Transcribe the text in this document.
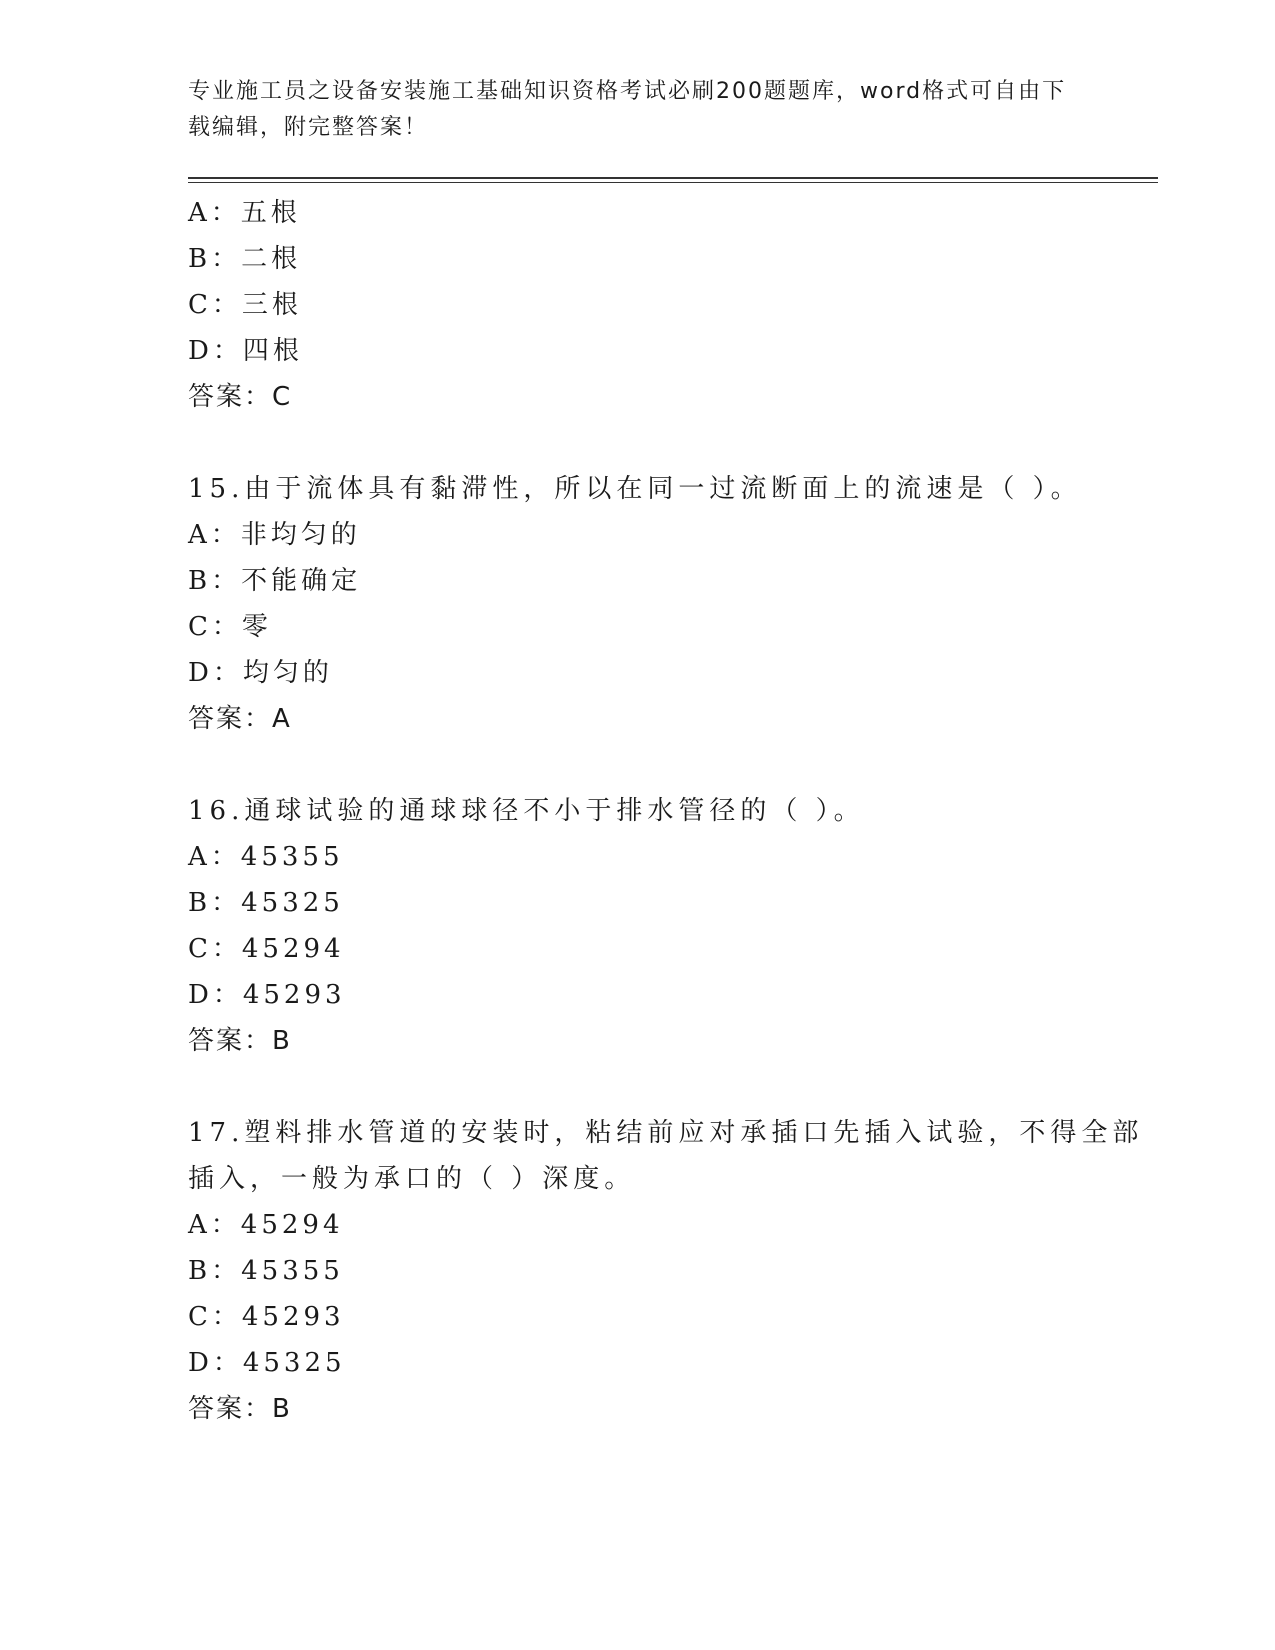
专业施工员之设备安装施工基础知识资格考试必刷200题题库，word格式可自由下载编辑，附完整答案！
A：五根
B：二根
C：三根
D：四根
答案：C
15.由于流体具有黏滞性，所以在同一过流断面上的流速是（ ）。
A：非均匀的
B：不能确定
C：零
D：均匀的
答案：A
16.通球试验的通球球径不小于排水管径的（ ）。
A：45355
B：45325
C：45294
D：45293
答案：B
17.塑料排水管道的安装时，粘结前应对承插口先插入试验，不得全部插入，一般为承口的（ ）深度。
A：45294
B：45355
C：45293
D：45325
答案：B
